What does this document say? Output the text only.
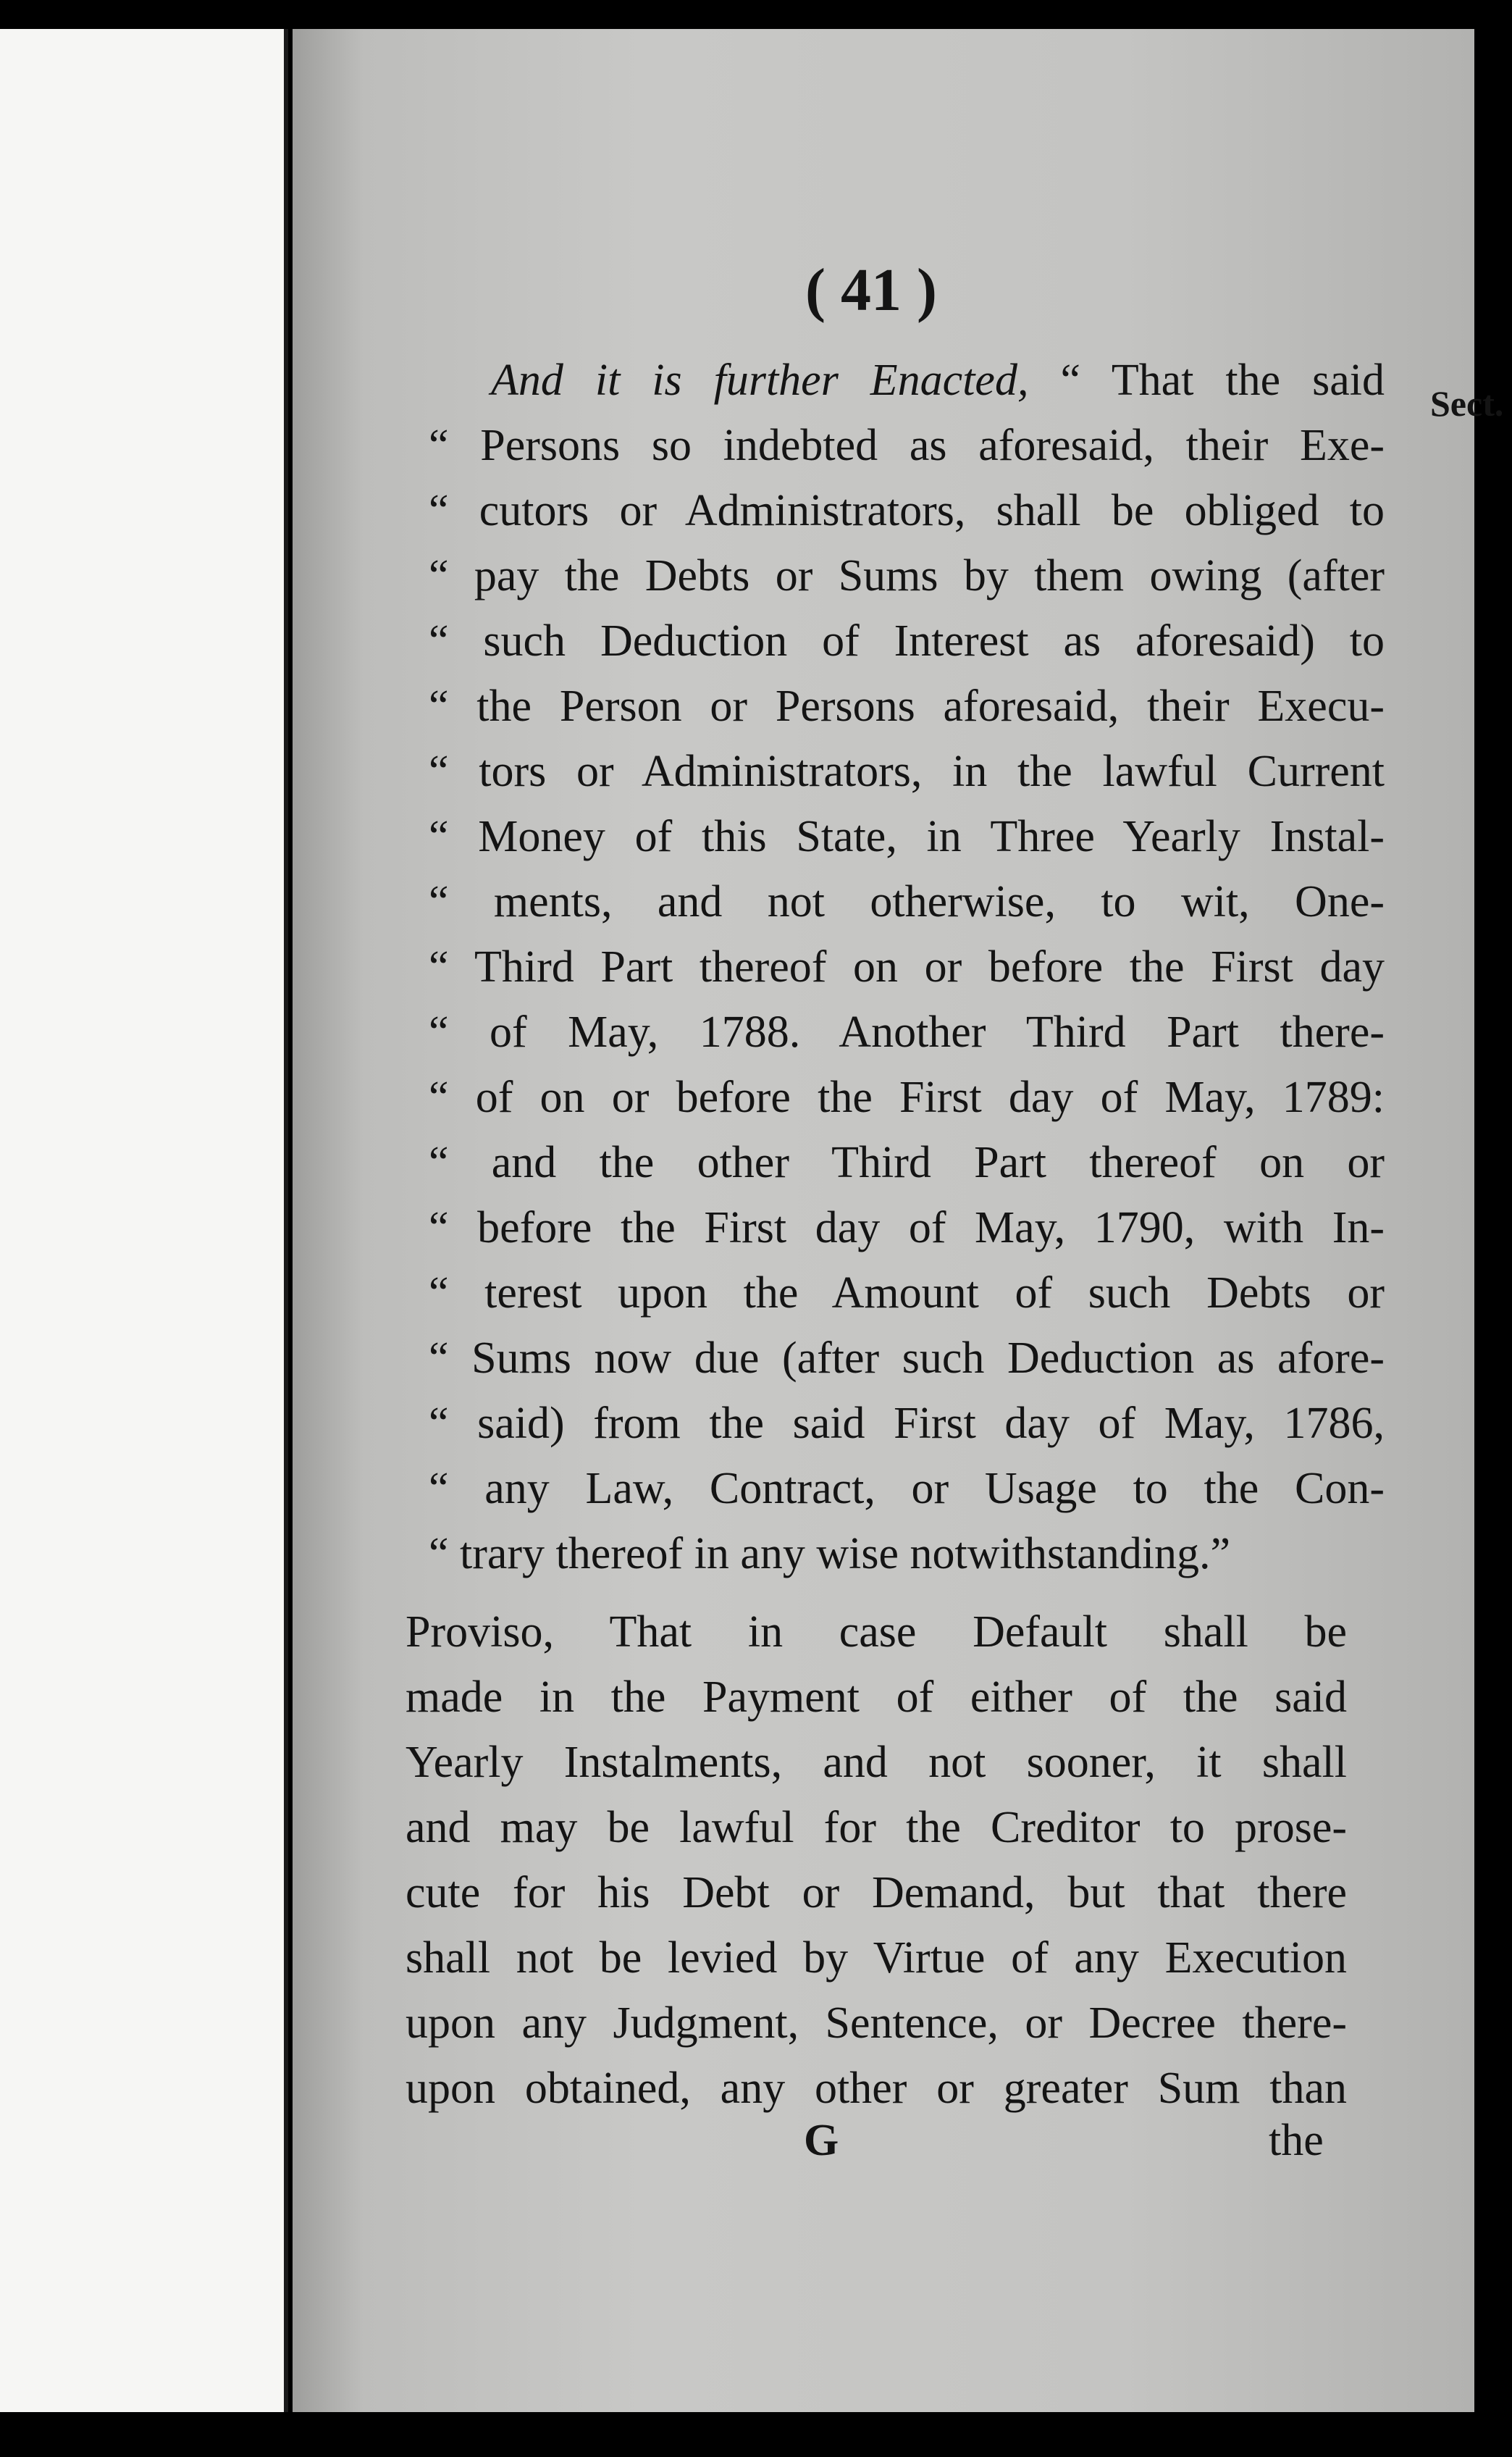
( 41 )
Sect.
And it is further Enacted, “ That the said
“ Persons so indebted as aforesaid, their Exe-
“ cutors or Administrators, shall be obliged to
“ pay the Debts or Sums by them owing (after
“ such Deduction of Interest as aforesaid) to
“ the Person or Persons aforesaid, their Execu-
“ tors or Administrators, in the lawful Current
“ Money of this State, in Three Yearly Instal-
“ ments, and not otherwise, to wit, One-
“ Third Part thereof on or before the First day
“ of May, 1788. Another Third Part there-
“ of on or before the First day of May, 1789:
“ and the other Third Part thereof on or
“ before the First day of May, 1790, with In-
“ terest upon the Amount of such Debts or
“ Sums now due (after such Deduction as afore-
“ said) from the said First day of May, 1786,
“ any Law, Contract, or Usage to the Con-
“ trary thereof in any wise notwithstanding.”
Proviso, That in case Default shall be
made in the Payment of either of the said
Yearly Instalments, and not sooner, it shall
and may be lawful for the Creditor to prose-
cute for his Debt or Demand, but that there
shall not be levied by Virtue of any Execution
upon any Judgment, Sentence, or Decree there-
upon obtained, any other or greater Sum than
G	the
